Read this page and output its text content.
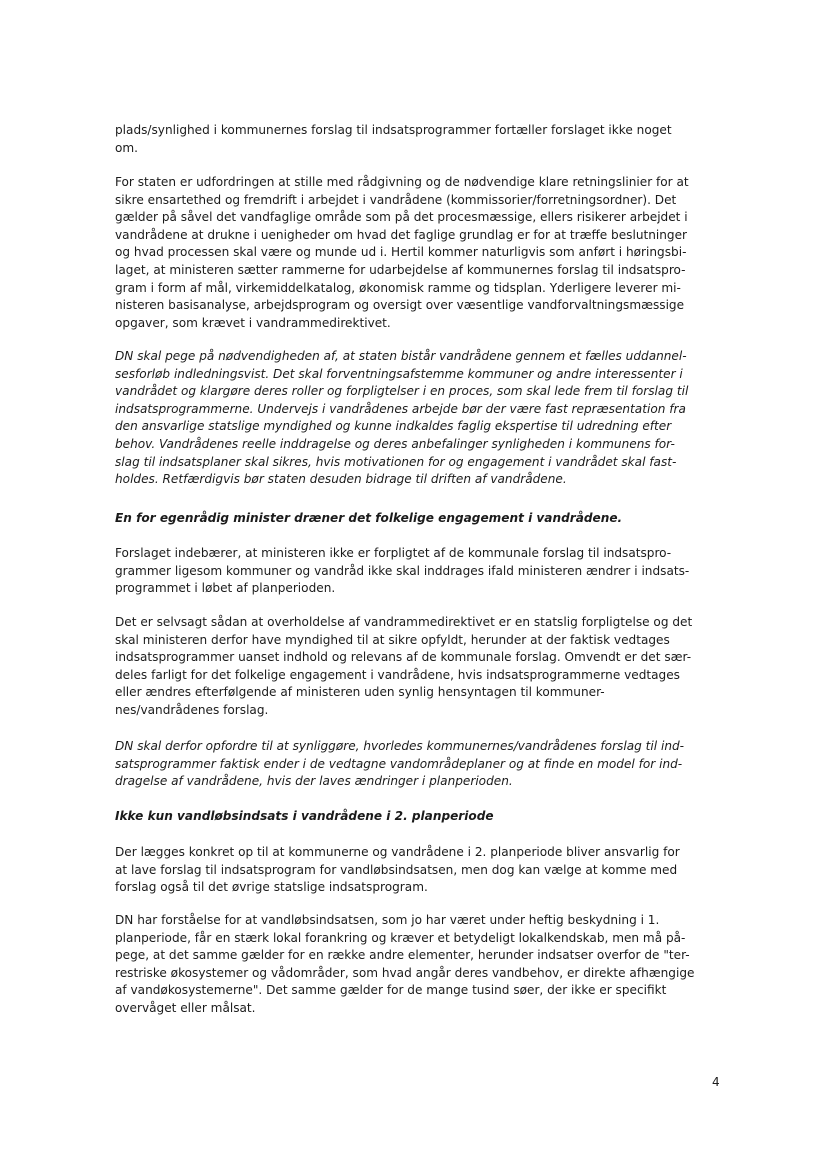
plads/synlighed i kommunernes forslag til indsatsprogrammer fortæller forslaget ikke noget
om.
For staten er udfordringen at stille med rådgivning og de nødvendige klare retningslinier for at
sikre ensartethed og fremdrift i arbejdet i vandrådene (kommissorier/forretningsordner). Det
gælder på såvel det vandfaglige område som på det procesmæssige, ellers risikerer arbejdet i
vandrådene at drukne i uenigheder om hvad det faglige grundlag er for at træffe beslutninger
og hvad processen skal være og munde ud i. Hertil kommer naturligvis som anført i høringsbi-
laget, at ministeren sætter rammerne for udarbejdelse af kommunernes forslag til indsatspro-
gram i form af mål, virkemiddelkatalog, økonomisk ramme og tidsplan. Yderligere leverer mi-
nisteren basisanalyse, arbejdsprogram og oversigt over væsentlige vandforvaltningsmæssige
opgaver, som krævet i vandrammedirektivet.
DN skal pege på nødvendigheden af, at staten bistår vandrådene gennem et fælles uddannel-
sesforløb indledningsvist. Det skal forventningsafstemme kommuner og andre interessenter i
vandrådet og klargøre deres roller og forpligtelser i en proces, som skal lede frem til forslag til
indsatsprogrammerne. Undervejs i vandrådenes arbejde bør der være fast repræsentation fra
den ansvarlige statslige myndighed og kunne indkaldes faglig ekspertise til udredning efter
behov. Vandrådenes reelle inddragelse og deres anbefalinger synligheden i kommunens for-
slag til indsatsplaner skal sikres, hvis motivationen for og engagement i vandrådet skal fast-
holdes. Retfærdigvis bør staten desuden bidrage til driften af vandrådene.
En for egenrådig minister dræner det folkelige engagement i vandrådene.
Forslaget indebærer, at ministeren ikke er forpligtet af de kommunale forslag til indsatspro-
grammer ligesom kommuner og vandråd ikke skal inddrages ifald ministeren ændrer i indsats-
programmet i løbet af planperioden.
Det er selvsagt sådan at overholdelse af vandrammedirektivet er en statslig forpligtelse og det
skal ministeren derfor have myndighed til at sikre opfyldt, herunder at der faktisk vedtages
indsatsprogrammer uanset indhold og relevans af de kommunale forslag. Omvendt er det sær-
deles farligt for det folkelige engagement i vandrådene, hvis indsatsprogrammerne vedtages
eller ændres efterfølgende af ministeren uden synlig hensyntagen til kommuner-
nes/vandrådenes forslag.
DN skal derfor opfordre til at synliggøre, hvorledes kommunernes/vandrådenes forslag til ind-
satsprogrammer faktisk ender i de vedtagne vandområdeplaner og at finde en model for ind-
dragelse af vandrådene, hvis der laves ændringer i planperioden.
Ikke kun vandløbsindsats i vandrådene i 2. planperiode
Der lægges konkret op til at kommunerne og vandrådene i 2. planperiode bliver ansvarlig for
at lave forslag til indsatsprogram for vandløbsindsatsen, men dog kan vælge at komme med
forslag også til det øvrige statslige indsatsprogram.
DN har forståelse for at vandløbsindsatsen, som jo har været under heftig beskydning i 1.
planperiode, får en stærk lokal forankring og kræver et betydeligt lokalkendskab, men må på-
pege, at det samme gælder for en række andre elementer, herunder indsatser overfor de "ter-
restriske økosystemer og vådområder, som hvad angår deres vandbehov, er direkte afhængige
af vandøkosystemerne". Det samme gælder for de mange tusind søer, der ikke er specifikt
overvåget eller målsat.
4
